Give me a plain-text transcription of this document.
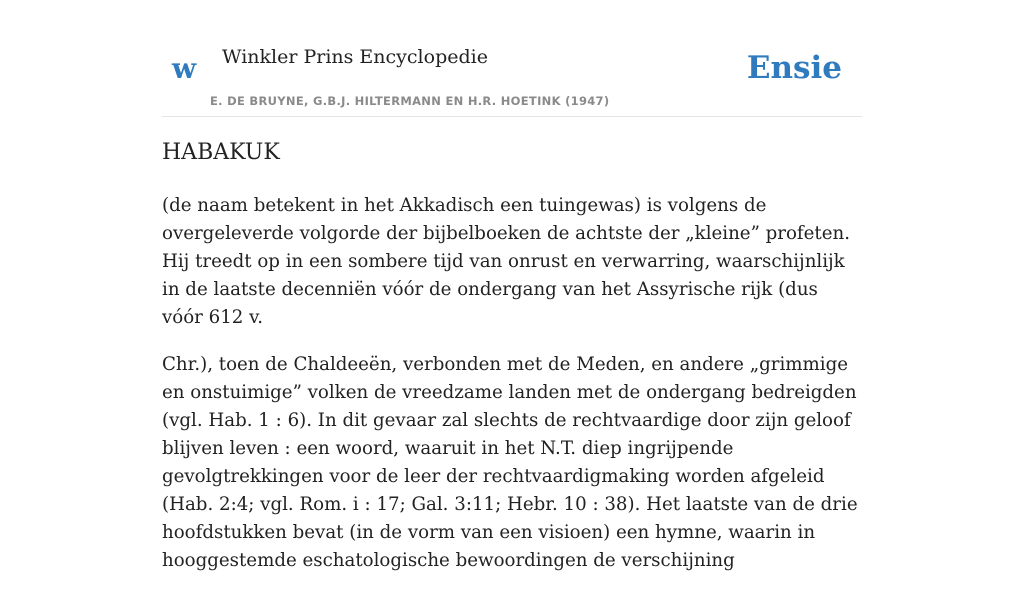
w Winkler Prins Encyclopedie
E. DE BRUYNE, G.B.J. HILTERMANN EN H.R. HOETINK (1947)
Ensie
HABAKUK

(de naam betekent in het Akkadisch een tuingewas) is volgens de overgeleverde volgorde der bijbelboeken de achtste der „kleine” profeten. Hij treedt op in een sombere tijd van onrust en verwarring, waarschijnlijk in de laatste decenniën vóór de ondergang van het Assyrische rijk (dus vóór 612 v.

Chr.), toen de Chaldeeën, verbonden met de Meden, en andere „grimmige en onstuimige” volken de vreedzame landen met de ondergang bedreigden (vgl. Hab. 1 : 6). In dit gevaar zal slechts de rechtvaardige door zijn geloof blijven leven : een woord, waaruit in het N.T. diep ingrijpende gevolgtrekkingen voor de leer der rechtvaardigmaking worden afgeleid (Hab. 2:4; vgl. Rom. i : 17; Gal. 3:11; Hebr. 10 : 38). Het laatste van de drie hoofdstukken bevat (in de vorm van een visioen) een hymne, waarin in hooggestemde eschatologische bewoordingen de verschijning
